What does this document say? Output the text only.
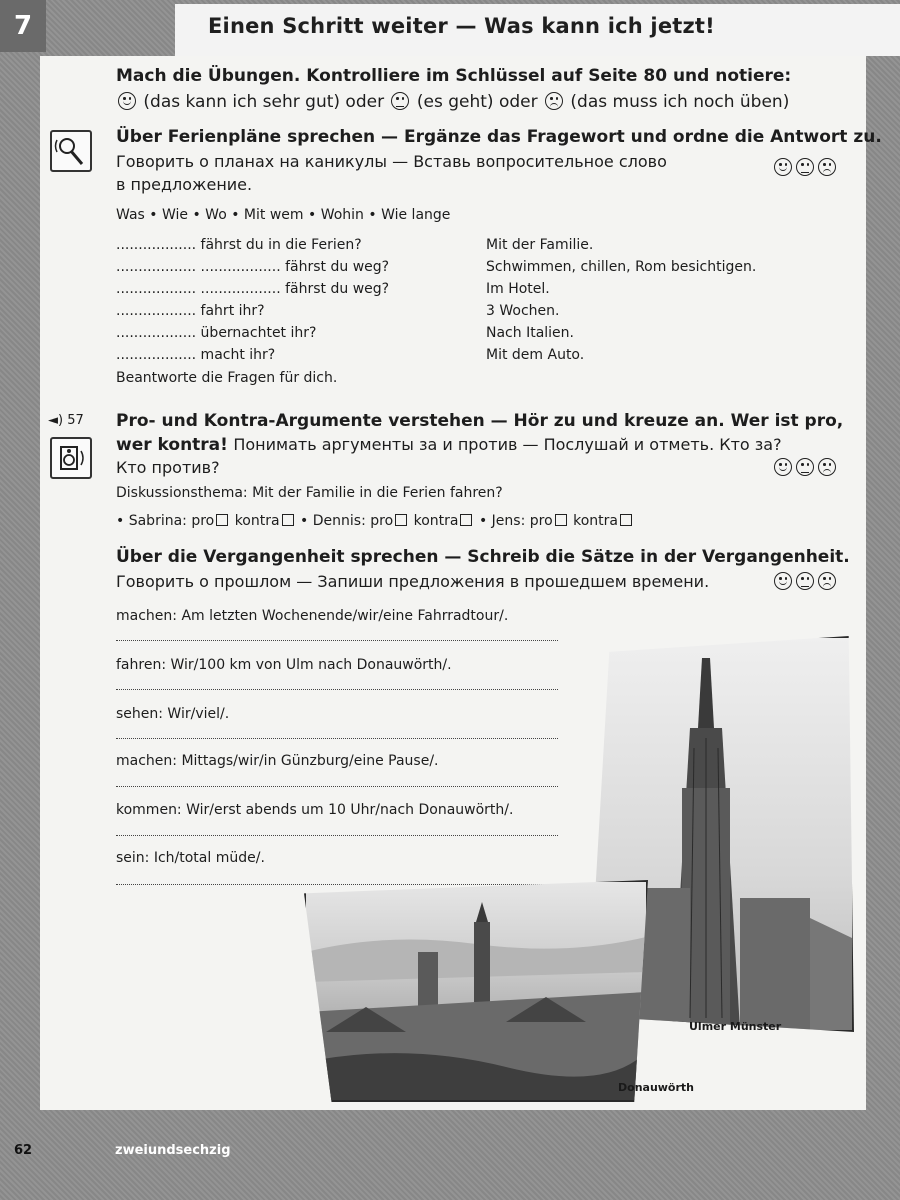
7	Einen Schritt weiter — Was kann ich jetzt!
Mach die Übungen. Kontrolliere im Schlüssel auf Seite 80 und notiere:
(das kann ich sehr gut) oder (es geht) oder (das muss ich noch üben)
Über Ferienpläne sprechen — Ergänze das Fragewort und ordne die Antwort zu.
Говорить о планах на каникулы — Вставь вопросительное слово
в предложение.
Was • Wie • Wo • Mit wem • Wohin • Wie lange
.................. fährst du in die Ferien?
.................. .................. fährst du weg?
.................. .................. fährst du weg?
.................. fahrt ihr?
.................. übernachtet ihr?
.................. macht ihr?
Mit der Familie.
Schwimmen, chillen, Rom besichtigen.
Im Hotel.
3 Wochen.
Nach Italien.
Mit dem Auto.
Beantworte die Fragen für dich.
◄) 57 Pro- und Kontra-Argumente verstehen — Hör zu und kreuze an. Wer ist pro,
wer kontra! Понимать аргументы за и против — Послушай и отметь. Кто за?
Кто против?
Diskussionsthema: Mit der Familie in die Ferien fahren?
• Sabrina: pro kontra • Dennis: pro kontra • Jens: pro kontra
Über die Vergangenheit sprechen — Schreib die Sätze in der Vergangenheit.
Говорить о прошлом — Запиши предложения в прошедшем времени.
machen: Am letzten Wochenende/wir/eine Fahrradtour/.
fahren: Wir/100 km von Ulm nach Donauwörth/.
sehen: Wir/viel/.
machen: Mittags/wir/in Günzburg/eine Pause/.
kommen: Wir/erst abends um 10 Uhr/nach Donauwörth/.
sein: Ich/total müde/.
Ulmer Münster
Donauwörth
62	zweiundsechzig
